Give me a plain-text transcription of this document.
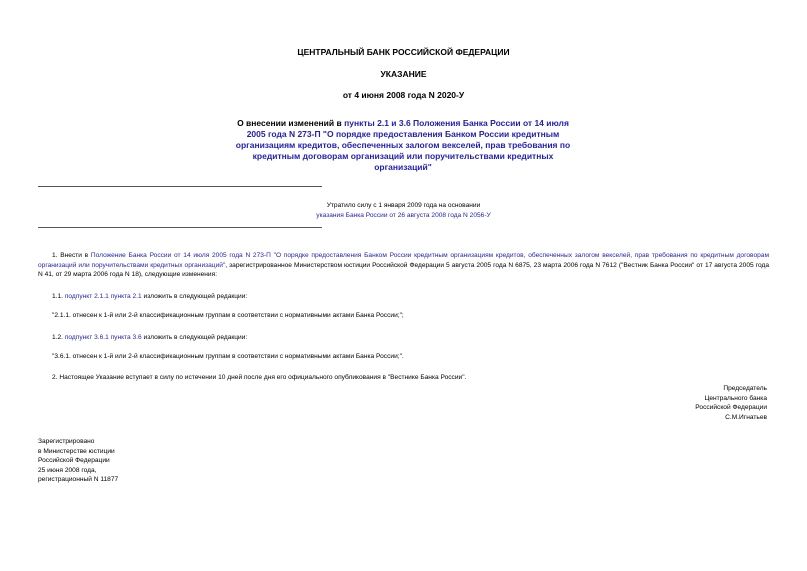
ЦЕНТРАЛЬНЫЙ БАНК РОССИЙСКОЙ ФЕДЕРАЦИИ
УКАЗАНИЕ
от 4 июня 2008 года N 2020-У
О внесении изменений в пункты 2.1 и 3.6 Положения Банка России от 14 июля 2005 года N 273-П "О порядке предоставления Банком России кредитным организациям кредитов, обеспеченных залогом векселей, прав требования по кредитным договорам организаций или поручительствами кредитных организаций"
Утратило силу с 1 января 2009 года на основании
указания Банка России от 26 августа 2008 года N 2056-У
1. Внести в Положение Банка России от 14 июля 2005 года N 273-П "О порядке предоставления Банком России кредитным организациям кредитов, обеспеченных залогом векселей, прав требования по кредитным договорам организаций или поручительствами кредитных организаций", зарегистрированное Министерством юстиции Российской Федерации 5 августа 2005 года N 6875, 23 марта 2006 года N 7612 ("Вестник Банка России" от 17 августа 2005 года N 41, от 29 марта 2006 года N 18), следующие изменения:
1.1. подпункт 2.1.1 пункта 2.1 изложить в следующей редакции:
"2.1.1. отнесен к 1-й или 2-й классификационным группам в соответствии с нормативными актами Банка России;";
1.2. подпункт 3.6.1 пункта 3.6 изложить в следующей редакции:
"3.6.1. отнесен к 1-й или 2-й классификационным группам в соответствии с нормативными актами Банка России;".
2. Настоящее Указание вступает в силу по истечении 10 дней после дня его официального опубликования в "Вестнике Банка России".
Председатель
Центрального банка
Российской Федерации
С.М.Игнатьев
Зарегистрировано
в Министерстве юстиции
Российской Федерации
25 июня 2008 года,
регистрационный N 11877
